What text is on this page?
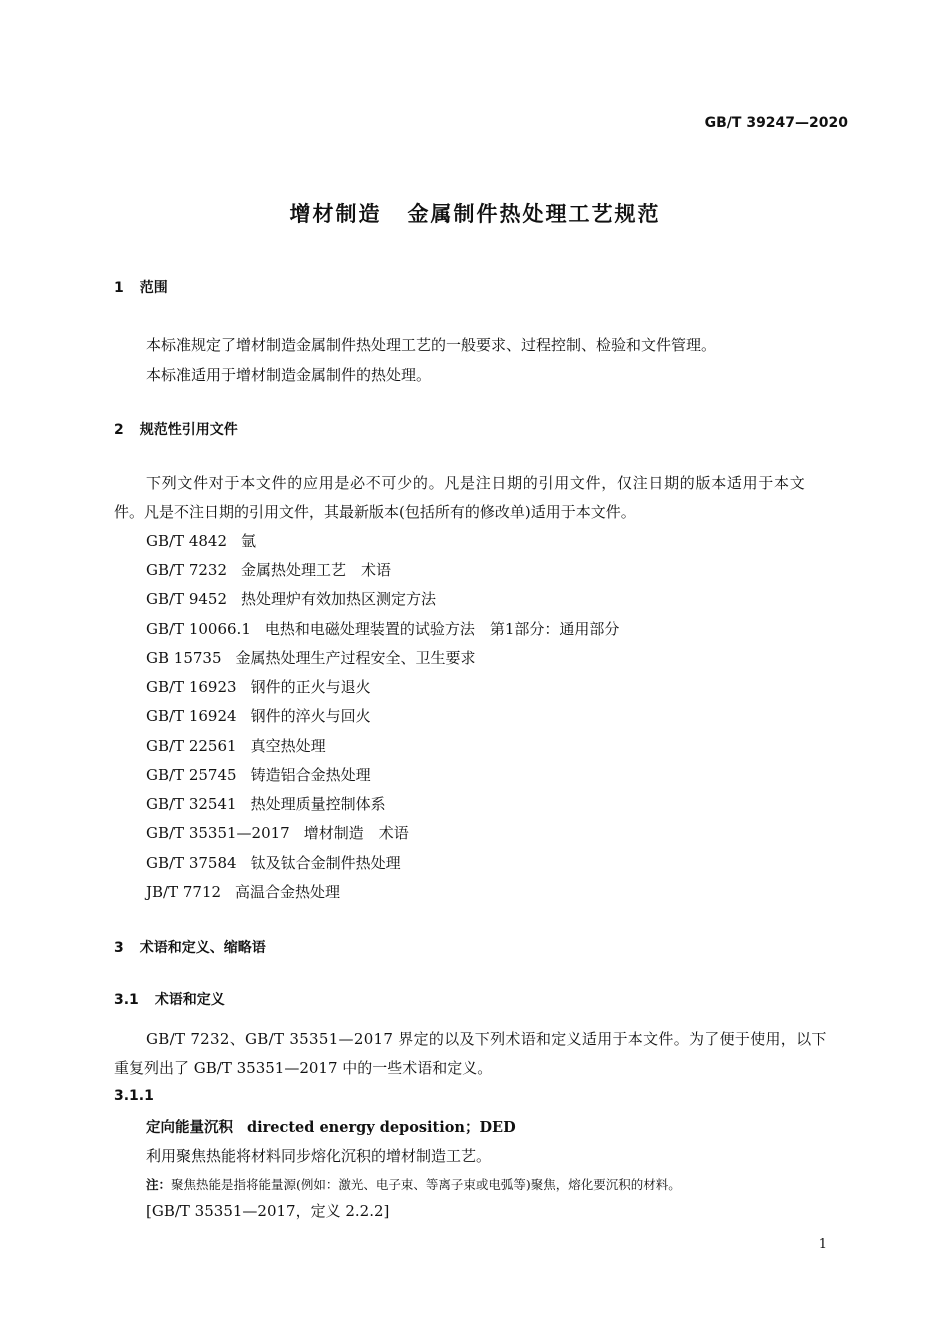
GB/T 39247—2020
增材制造 金属制件热处理工艺规范
1 范围
本标准规定了增材制造金属制件热处理工艺的一般要求、过程控制、检验和文件管理。
本标准适用于增材制造金属制件的热处理。
2 规范性引用文件
下列文件对于本文件的应用是必不可少的。凡是注日期的引用文件，仅注日期的版本适用于本文
件。凡是不注日期的引用文件，其最新版本(包括所有的修改单)适用于本文件。
GB/T 4842 氩
GB/T 7232 金属热处理工艺　术语
GB/T 9452 热处理炉有效加热区测定方法
GB/T 10066.1 电热和电磁处理装置的试验方法　第1部分：通用部分
GB 15735 金属热处理生产过程安全、卫生要求
GB/T 16923 钢件的正火与退火
GB/T 16924 钢件的淬火与回火
GB/T 22561 真空热处理
GB/T 25745 铸造铝合金热处理
GB/T 32541 热处理质量控制体系
GB/T 35351—2017 增材制造　术语
GB/T 37584 钛及钛合金制件热处理
JB/T 7712 高温合金热处理
3 术语和定义、缩略语
3.1 术语和定义
GB/T 7232、GB/T 35351—2017 界定的以及下列术语和定义适用于本文件。为了便于使用，以下
重复列出了 GB/T 35351—2017 中的一些术语和定义。
3.1.1
定向能量沉积 directed energy deposition；DED
利用聚焦热能将材料同步熔化沉积的增材制造工艺。
注：聚焦热能是指将能量源(例如：激光、电子束、等离子束或电弧等)聚焦，熔化要沉积的材料。
[GB/T 35351—2017，定义 2.2.2]
1
